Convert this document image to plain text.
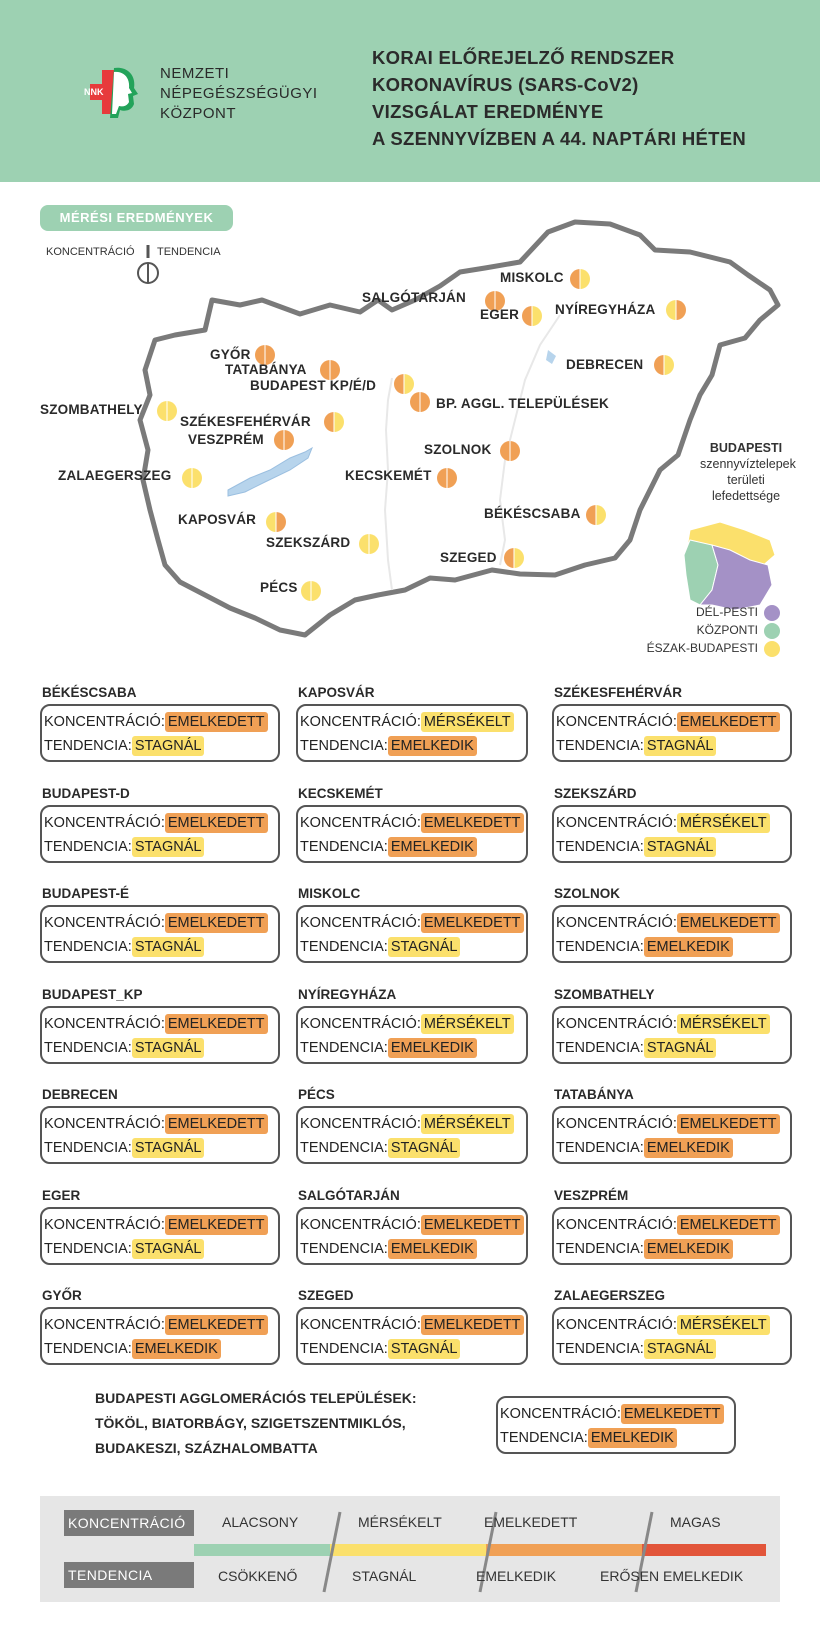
NNK
NEMZETI
NÉPEGÉSZSÉGÜGYI
KÖZPONT
KORAI ELŐREJELZŐ RENDSZER
KORONAVÍRUS (SARS-CoV2)
VIZSGÁLAT EREDMÉNYE
A SZENNYVÍZBEN A 44. NAPTÁRI HÉTEN
MÉRÉSI EREDMÉNYEK
KONCENTRÁCIÓ TENDENCIA
MISKOLC
SALGÓTARJÁN
EGER	NYÍREGYHÁZA
DEBRECEN
GYŐR
TATABÁNYA
BUDAPEST KP/É/D
BP. AGGL. TELEPÜLÉSEK
SZOMBATHELY
SZÉKESFEHÉRVÁR
VESZPRÉM
SZOLNOK
ZALAEGERSZEG	KECSKEMÉT
BÉKÉSCSABA
KAPOSVÁR
SZEKSZÁRD
SZEGED
PÉCS
BUDAPESTI
szennyvíztelepek
területi
lefedettsége
DÉL-PESTI
KÖZPONTI
ÉSZAK-BUDAPESTI
BÉKÉSCSABA
KONCENTRÁCIÓ: EMELKEDETT
TENDENCIA: STAGNÁL
KAPOSVÁR
KONCENTRÁCIÓ: MÉRSÉKELT
TENDENCIA: EMELKEDIK
SZÉKESFEHÉRVÁR
KONCENTRÁCIÓ: EMELKEDETT
TENDENCIA: STAGNÁL
BUDAPEST-D
KONCENTRÁCIÓ: EMELKEDETT
TENDENCIA: STAGNÁL
KECSKEMÉT
KONCENTRÁCIÓ: EMELKEDETT
TENDENCIA: EMELKEDIK
SZEKSZÁRD
KONCENTRÁCIÓ: MÉRSÉKELT
TENDENCIA: STAGNÁL
BUDAPEST-É
KONCENTRÁCIÓ: EMELKEDETT
TENDENCIA: STAGNÁL
MISKOLC
KONCENTRÁCIÓ: EMELKEDETT
TENDENCIA: STAGNÁL
SZOLNOK
KONCENTRÁCIÓ: EMELKEDETT
TENDENCIA: EMELKEDIK
BUDAPEST_KP
KONCENTRÁCIÓ: EMELKEDETT
TENDENCIA: STAGNÁL
NYÍREGYHÁZA
KONCENTRÁCIÓ: MÉRSÉKELT
TENDENCIA: EMELKEDIK
SZOMBATHELY
KONCENTRÁCIÓ: MÉRSÉKELT
TENDENCIA: STAGNÁL
DEBRECEN
KONCENTRÁCIÓ: EMELKEDETT
TENDENCIA: STAGNÁL
PÉCS
KONCENTRÁCIÓ: MÉRSÉKELT
TENDENCIA: STAGNÁL
TATABÁNYA
KONCENTRÁCIÓ: EMELKEDETT
TENDENCIA: EMELKEDIK
EGER
KONCENTRÁCIÓ: EMELKEDETT
TENDENCIA: STAGNÁL
SALGÓTARJÁN
KONCENTRÁCIÓ: EMELKEDETT
TENDENCIA: EMELKEDIK
VESZPRÉM
KONCENTRÁCIÓ: EMELKEDETT
TENDENCIA: EMELKEDIK
GYŐR
KONCENTRÁCIÓ: EMELKEDETT
TENDENCIA: EMELKEDIK
SZEGED
KONCENTRÁCIÓ: EMELKEDETT
TENDENCIA: STAGNÁL
ZALAEGERSZEG
KONCENTRÁCIÓ: MÉRSÉKELT
TENDENCIA: STAGNÁL
BUDAPESTI AGGLOMERÁCIÓS TELEPÜLÉSEK:
TÖKÖL, BIATORBÁGY, SZIGETSZENTMIKLÓS,
BUDAKESZI, SZÁZHALOMBATTA
KONCENTRÁCIÓ: EMELKEDETT
TENDENCIA: EMELKEDIK
KONCENTRÁCIÓ
TENDENCIA
ALACSONY	MÉRSÉKELT	EMELKEDETT	MAGAS
CSÖKKENŐ	STAGNÁL	EMELKEDIK	ERŐSEN EMELKEDIK
